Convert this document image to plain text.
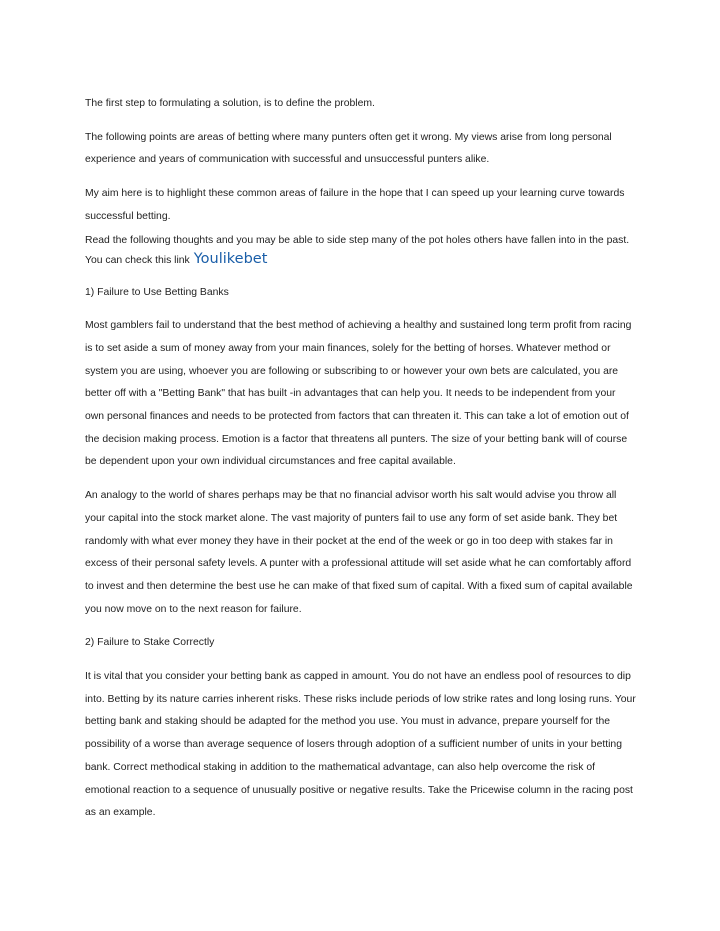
The first step to formulating a solution, is to define the problem.

The following points are areas of betting where many punters often get it wrong. My views arise from long personal experience and years of communication with successful and unsuccessful punters alike.

My aim here is to highlight these common areas of failure in the hope that I can speed up your learning curve towards successful betting.

Read the following thoughts and you may be able to side step many of the pot holes others have fallen into in the past. You can check this link Youlikebet

1) Failure to Use Betting Banks

Most gamblers fail to understand that the best method of achieving a healthy and sustained long term profit from racing is to set aside a sum of money away from your main finances, solely for the betting of horses. Whatever method or system you are using, whoever you are following or subscribing to or however your own bets are calculated, you are better off with a "Betting Bank" that has built -in advantages that can help you. It needs to be independent from your own personal finances and needs to be protected from factors that can threaten it. This can take a lot of emotion out of the decision making process. Emotion is a factor that threatens all punters. The size of your betting bank will of course be dependent upon your own individual circumstances and free capital available.

An analogy to the world of shares perhaps may be that no financial advisor worth his salt would advise you throw all your capital into the stock market alone. The vast majority of punters fail to use any form of set aside bank. They bet randomly with what ever money they have in their pocket at the end of the week or go in too deep with stakes far in excess of their personal safety levels. A punter with a professional attitude will set aside what he can comfortably afford to invest and then determine the best use he can make of that fixed sum of capital. With a fixed sum of capital available you now move on to the next reason for failure.

2) Failure to Stake Correctly

It is vital that you consider your betting bank as capped in amount. You do not have an endless pool of resources to dip into. Betting by its nature carries inherent risks. These risks include periods of low strike rates and long losing runs. Your betting bank and staking should be adapted for the method you use. You must in advance, prepare yourself for the possibility of a worse than average sequence of losers through adoption of a sufficient number of units in your betting bank. Correct methodical staking in addition to the mathematical advantage, can also help overcome the risk of emotional reaction to a sequence of unusually positive or negative results. Take the Pricewise column in the racing post as an example.
